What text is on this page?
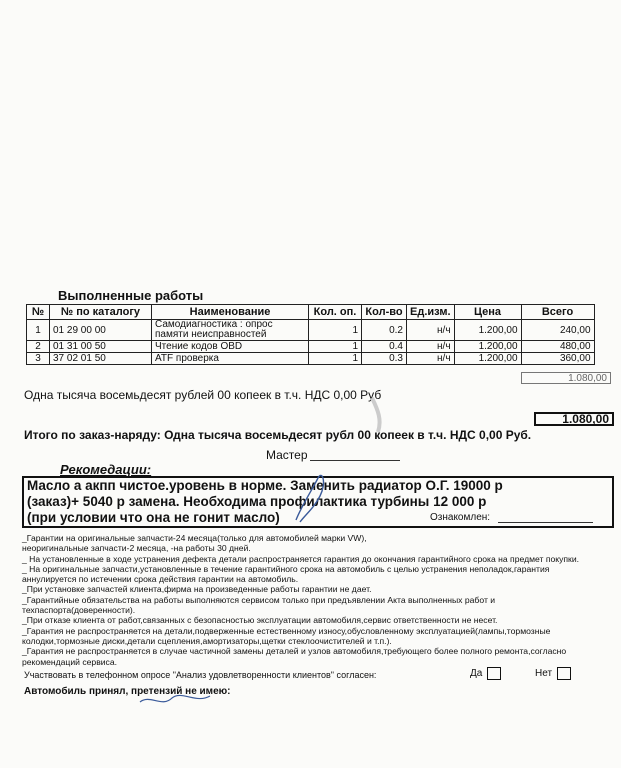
Выполненные работы
№	№ по каталогу	Наименование	Кол. оп.	Кол-во	Ед.изм.	Цена	Всего
1	01 29 00 00	Самодиагностика : опрос памяти неисправностей	1	0.2	н/ч	1.200,00	240,00
2	01 31 00 50	Чтение кодов OBD	1	0.4	н/ч	1.200,00	480,00
3	37 02 01 50	ATF проверка	1	0.3	н/ч	1.200,00	360,00
1.080,00
Одна тысяча восемьдесят рублей 00 копеек в т.ч. НДС 0,00 Руб
1.080,00
Итого по заказ-наряду: Одна тысяча восемьдесят рубл 00 копеек в т.ч. НДС 0,00 Руб.
Мастер
Рекомедации:
Масло а акпп чистое.уровень в норме. Заменить радиатор О.Г. 19000 р
(заказ)+ 5040 р замена. Необходима профилактика турбины 12 000 р
(при условии что она не гонит масло)	Ознакомлен:
_Гарантии на оригинальные запчасти-24 месяца(только для автомобилей марки VW),
неоригинальные запчасти-2 месяца, -на работы 30 дней.
_ На установленные в ходе устранения дефекта детали распространяется гарантия до окончания гарантийного срока на предмет покупки.
_ На оригинальные запчасти,установленные в течение гарантийного срока на автомобиль с целью устранения неполадок,гарантия
аннулируется по истечении срока действия гарантии на автомобиль.
_При установке запчастей клиента,фирма на произведенные работы гарантии не дает.
_Гарантийные обязательства на работы выполняются сервисом только при предъявлении Акта выполненных работ и
техпаспорта(доверенности).
_При отказе клиента от работ,связанных с безопасностью эксплуатации автомобиля,сервис ответственности не несет.
_Гарантия не распространяется на детали,подверженные естественному износу,обусловленному эксплуатацией(лампы,тормозные
колодки,тормозные диски,детали сцепления,амортизаторы,щетки стеклоочистителей и т.п.).
_Гарантия не распространяется в случае частичной замены деталей и узлов автомобиля,требующего более полного ремонта,согласно
рекомендаций сервиса.
Участвовать в телефонном опросе "Анализ удовлетворенности клиентов" согласен:	Да	Нет
Автомобиль принял, претензий не имею:
